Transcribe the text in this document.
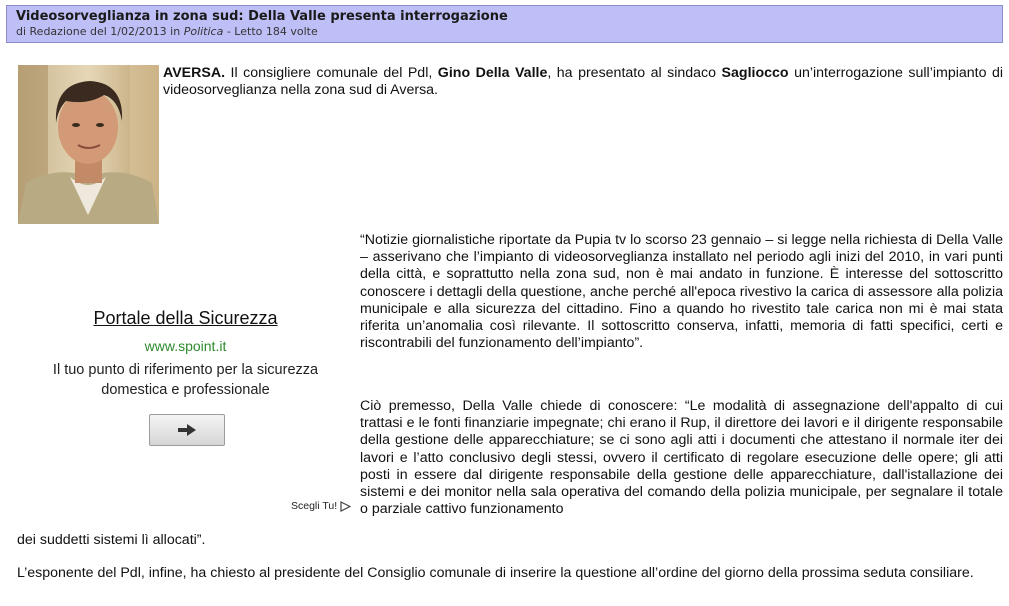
Videosorveglianza in zona sud: Della Valle presenta interrogazione
di Redazione del 1/02/2013 in Politica - Letto 184 volte
AVERSA. Il consigliere comunale del Pdl, Gino Della Valle, ha presentato al sindaco Sagliocco un’interrogazione sull’impianto di videosorveglianza nella zona sud di Aversa.
Portale della Sicurezza
www.spoint.it
Il tuo punto di riferimento per la sicurezza domestica e professionale
Scegli Tu!
“Notizie giornalistiche riportate da Pupia tv lo scorso 23 gennaio – si legge nella richiesta di Della Valle – asserivano che l’impianto di videosorveglianza installato nel periodo agli inizi del 2010, in vari punti della città, e soprattutto nella zona sud, non è mai andato in funzione. È interesse del sottoscritto conoscere i dettagli della questione, anche perché all'epoca rivestivo la carica di assessore alla polizia municipale e alla sicurezza del cittadino. Fino a quando ho rivestito tale carica non mi è mai stata riferita un’anomalia così rilevante. Il sottoscritto conserva, infatti, memoria di fatti specifici, certi e riscontrabili del funzionamento dell’impianto”.
Ciò premesso, Della Valle chiede di conoscere: “Le modalità di assegnazione dell'appalto di cui trattasi e le fonti finanziarie impegnate; chi erano il Rup, il direttore dei lavori e il dirigente responsabile della gestione delle apparecchiature; se ci sono agli atti i documenti che attestano il normale iter dei lavori e l’atto conclusivo degli stessi, ovvero il certificato di regolare esecuzione delle opere; gli atti posti in essere dal dirigente responsabile della gestione delle apparecchiature, dall'istallazione dei sistemi e dei monitor nella sala operativa del comando della polizia municipale, per segnalare il totale o parziale cattivo funzionamento
dei suddetti sistemi lì allocati”.
L’esponente del Pdl, infine, ha chiesto al presidente del Consiglio comunale di inserire la questione all’ordine del giorno della prossima seduta consiliare.
